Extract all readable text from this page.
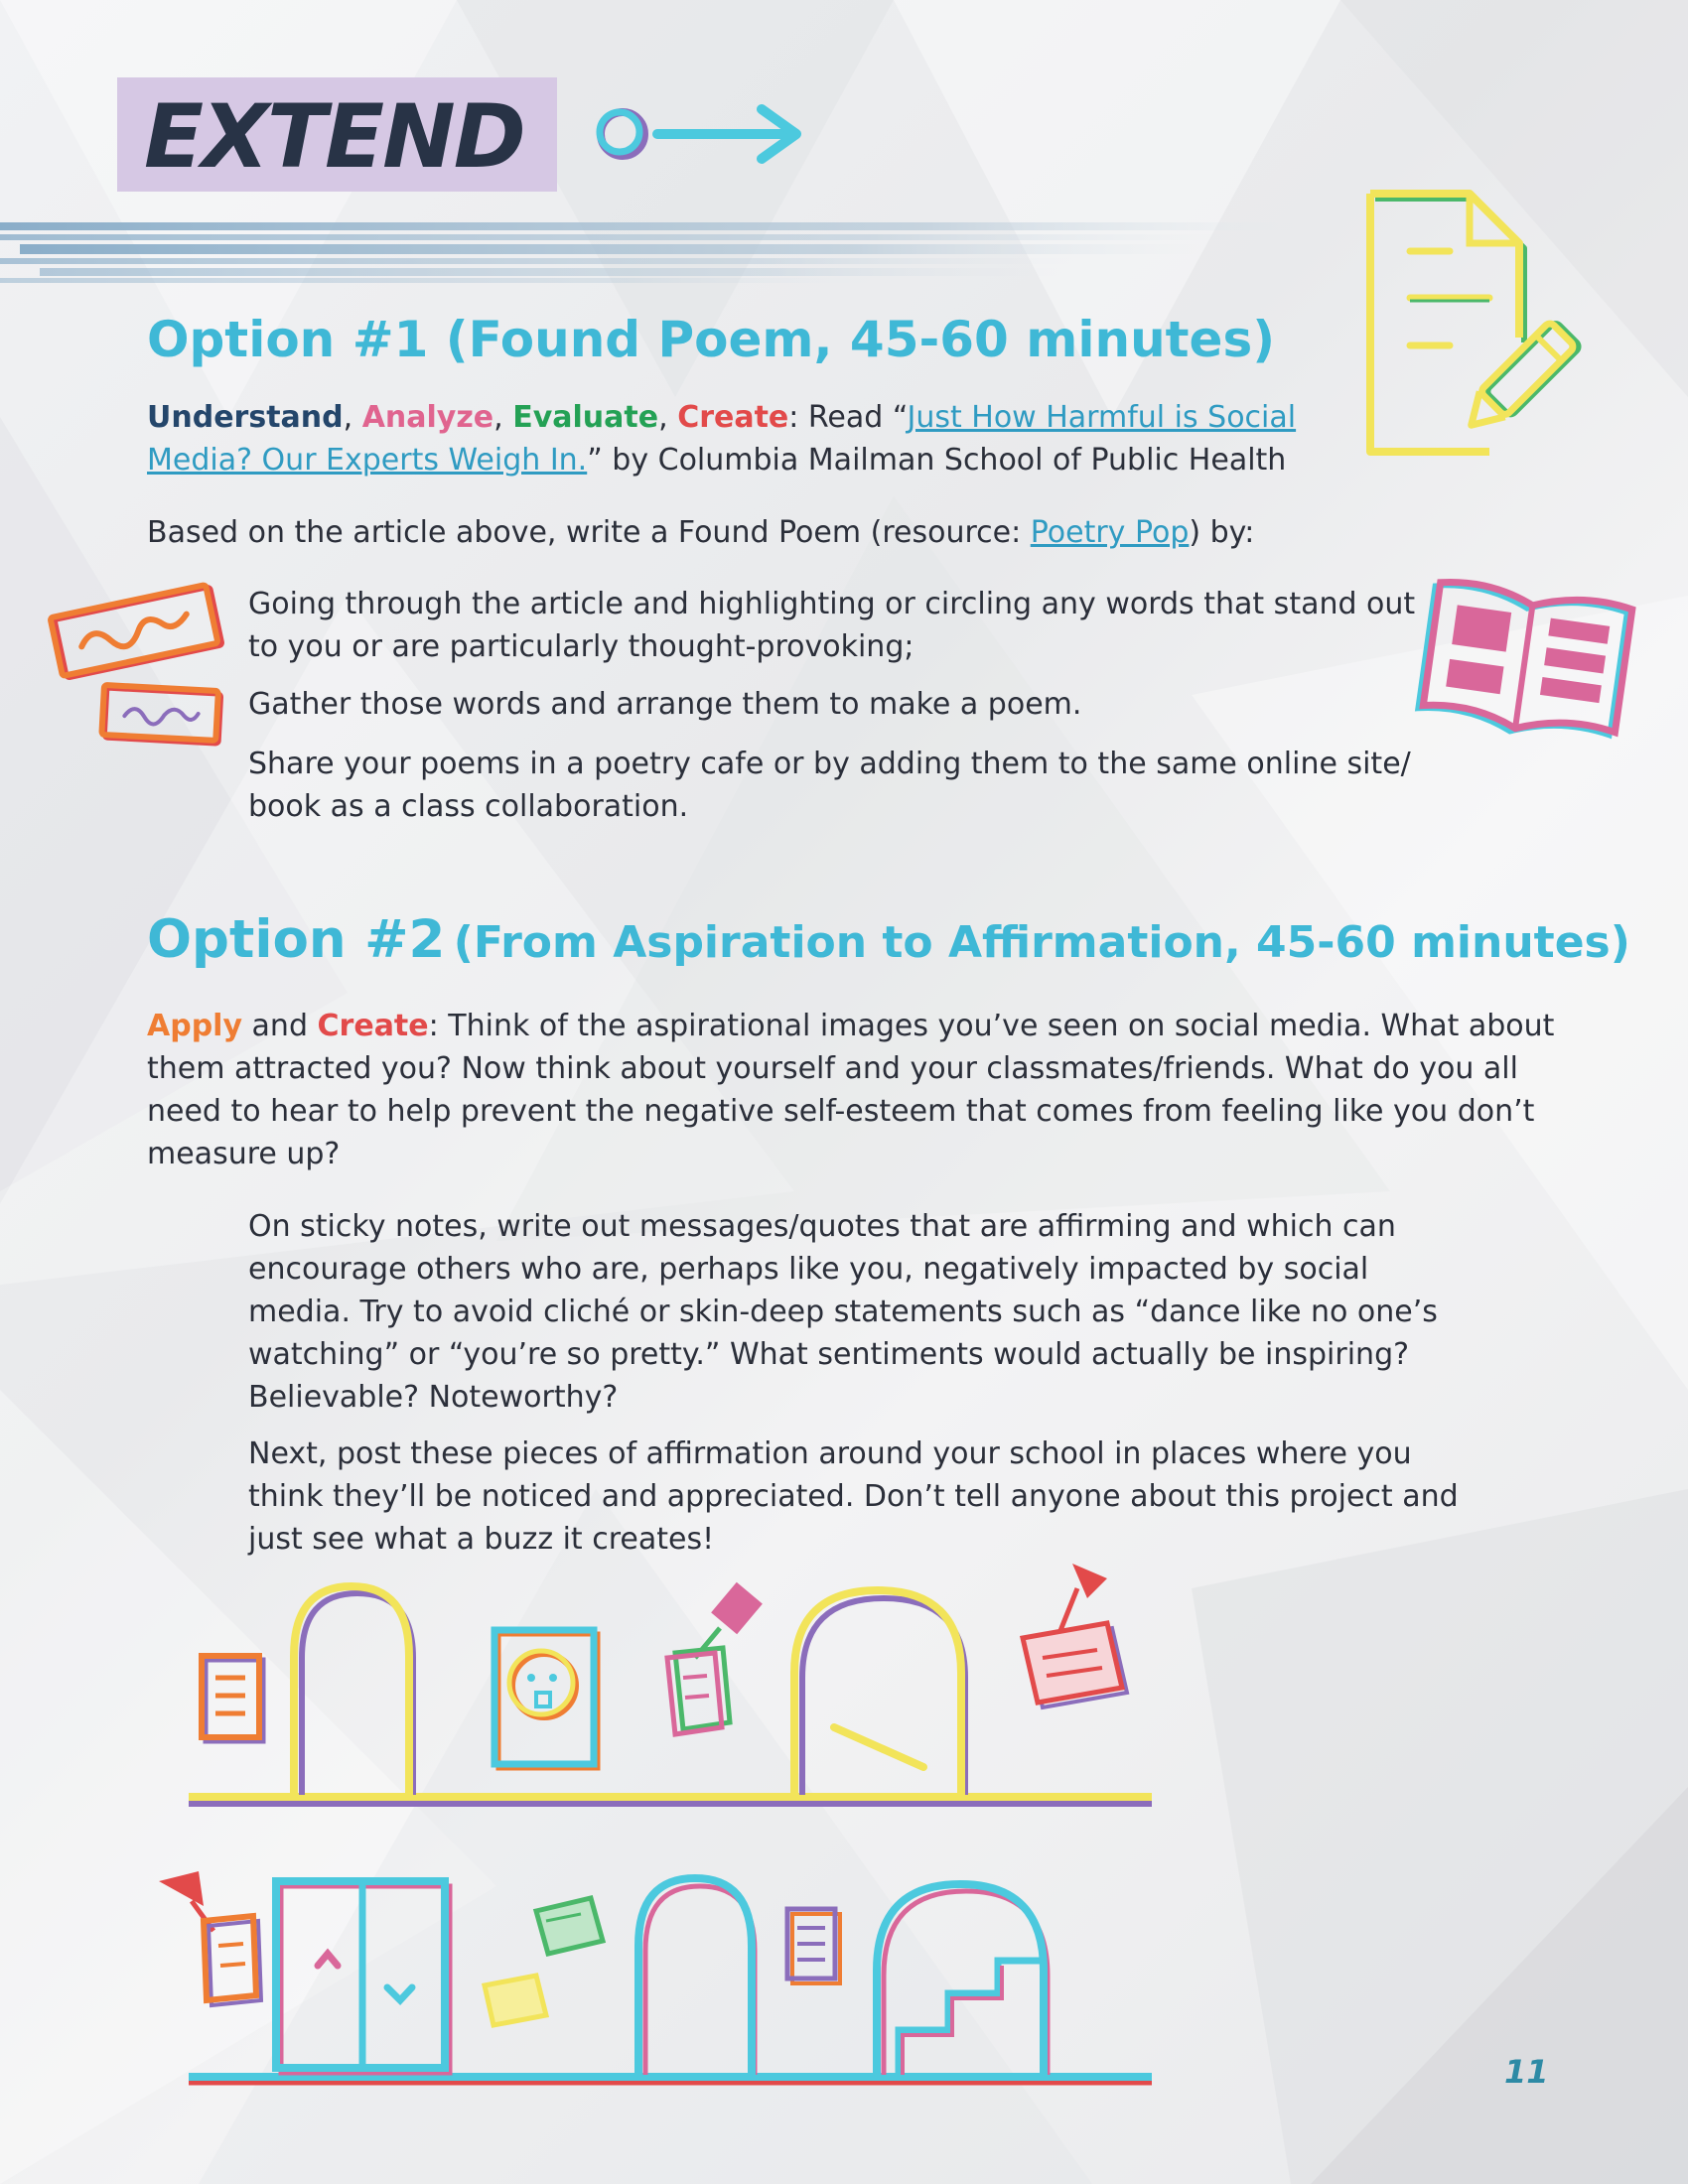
EXTEND
Option #1 (Found Poem, 45-60 minutes)
Understand, Analyze, Evaluate, Create: Read “Just How Harmful is Social Media? Our Experts Weigh In.” by Columbia Mailman School of Public Health
Based on the article above, write a Found Poem (resource: Poetry Pop) by:
Going through the article and highlighting or circling any words that stand out to you or are particularly thought-provoking;
Gather those words and arrange them to make a poem.
Share your poems in a poetry cafe or by adding them to the same online site/ book as a class collaboration.
Option #2 (From Aspiration to Affirmation, 45-60 minutes)
Apply and Create: Think of the aspirational images you’ve seen on social media. What about them attracted you? Now think about yourself and your classmates/friends. What do you all need to hear to help prevent the negative self-esteem that comes from feeling like you don’t measure up?
On sticky notes, write out messages/quotes that are affirming and which can encourage others who are, perhaps like you, negatively impacted by social media. Try to avoid cliché or skin-deep statements such as “dance like no one’s watching” or “you’re so pretty.” What sentiments would actually be inspiring? Believable? Noteworthy?
Next, post these pieces of affirmation around your school in places where you think they’ll be noticed and appreciated. Don’t tell anyone about this project and just see what a buzz it creates!
11
